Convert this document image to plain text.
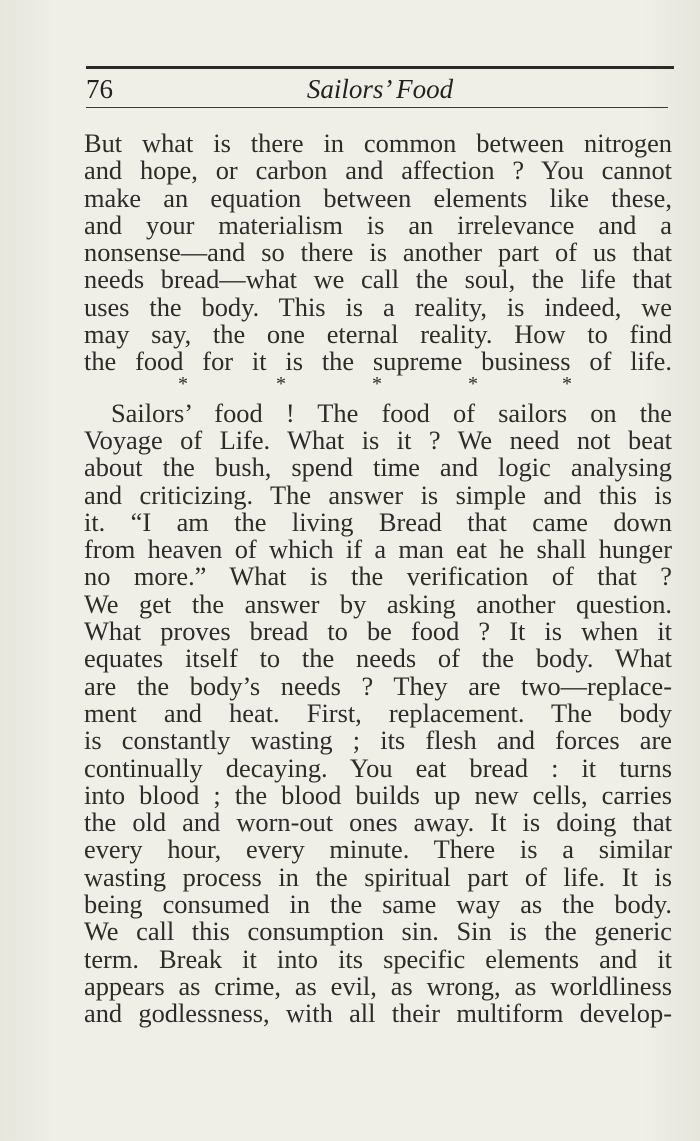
76	Sailors’ Food
But what is there in common between nitrogen
and hope, or carbon and affection ? You cannot
make an equation between elements like these,
and your materialism is an irrelevance and a
nonsense—and so there is another part of us that
needs bread—what we call the soul, the life that
uses the body. This is a reality, is indeed, we
may say, the one eternal reality. How to find
the food for it is the supreme business of life.
*	*	*	*	*
Sailors’ food ! The food of sailors on the
Voyage of Life. What is it ? We need not beat
about the bush, spend time and logic analysing
and criticizing. The answer is simple and this is
it. “I am the living Bread that came down
from heaven of which if a man eat he shall hunger
no more.” What is the verification of that ?
We get the answer by asking another question.
What proves bread to be food ? It is when it
equates itself to the needs of the body. What
are the body’s needs ? They are two—replace-
ment and heat. First, replacement. The body
is constantly wasting ; its flesh and forces are
continually decaying. You eat bread : it turns
into blood ; the blood builds up new cells, carries
the old and worn-out ones away. It is doing that
every hour, every minute. There is a similar
wasting process in the spiritual part of life. It is
being consumed in the same way as the body.
We call this consumption sin. Sin is the generic
term. Break it into its specific elements and it
appears as crime, as evil, as wrong, as worldliness
and godlessness, with all their multiform develop-
